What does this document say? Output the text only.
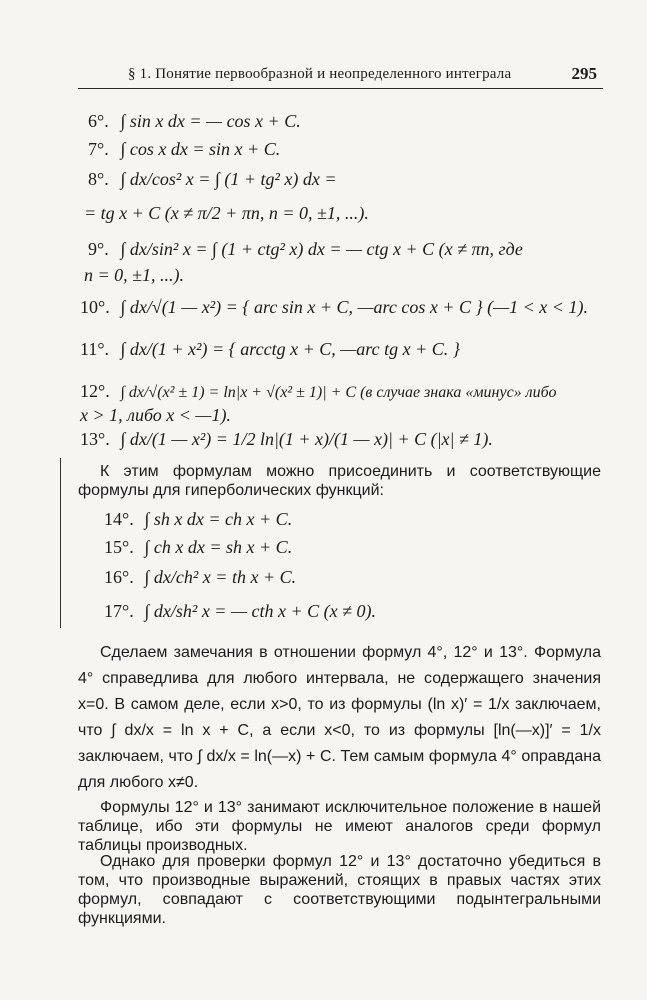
§ 1. Понятие первообразной и неопределенного интеграла	295
6°. ∫ sin x dx = — cos x + C.
7°. ∫ cos x dx = sin x + C.
8°. ∫ dx/cos² x = ∫ (1 + tg² x) dx =
= tg x + C (x ≠ π/2 + πn, n = 0, ±1, ...).
9°. ∫ dx/sin² x = ∫ (1 + ctg² x) dx = — ctg x + C (x ≠ πn, где
n = 0, ±1, ...).
10°. ∫ dx/√(1 — x²) = { arc sin x + C, —arc cos x + C } (—1 < x < 1).
11°. ∫ dx/(1 + x²) = { arcctg x + C, —arc tg x + C. }
12°. ∫ dx/√(x² ± 1) = ln|x + √(x² ± 1)| + C (в случае знака «минус» либо
x > 1, либо x < —1).
13°. ∫ dx/(1 — x²) = 1/2 ln|(1 + x)/(1 — x)| + C (|x| ≠ 1).
К этим формулам можно присоединить и соответствующие формулы для гиперболических функций:
14°. ∫ sh x dx = ch x + C.
15°. ∫ ch x dx = sh x + C.
16°. ∫ dx/ch² x = th x + C.
17°. ∫ dx/sh² x = — cth x + C (x ≠ 0).
Сделаем замечания в отношении формул 4°, 12° и 13°. Формула 4° справедлива для любого интервала, не содержащего значения x=0. В самом деле, если x>0, то из формулы (ln x)′ = 1/x заключаем, что ∫ dx/x = ln x + C, а если x<0, то из формулы [ln(—x)]′ = 1/x заключаем, что ∫ dx/x = ln(—x) + C. Тем самым формула 4° оправдана для любого x≠0.
Формулы 12° и 13° занимают исключительное положение в нашей таблице, ибо эти формулы не имеют аналогов среди формул таблицы производных.
Однако для проверки формул 12° и 13° достаточно убедиться в том, что производные выражений, стоящих в правых частях этих формул, совпадают с соответствующими подынтегральными функциями.
